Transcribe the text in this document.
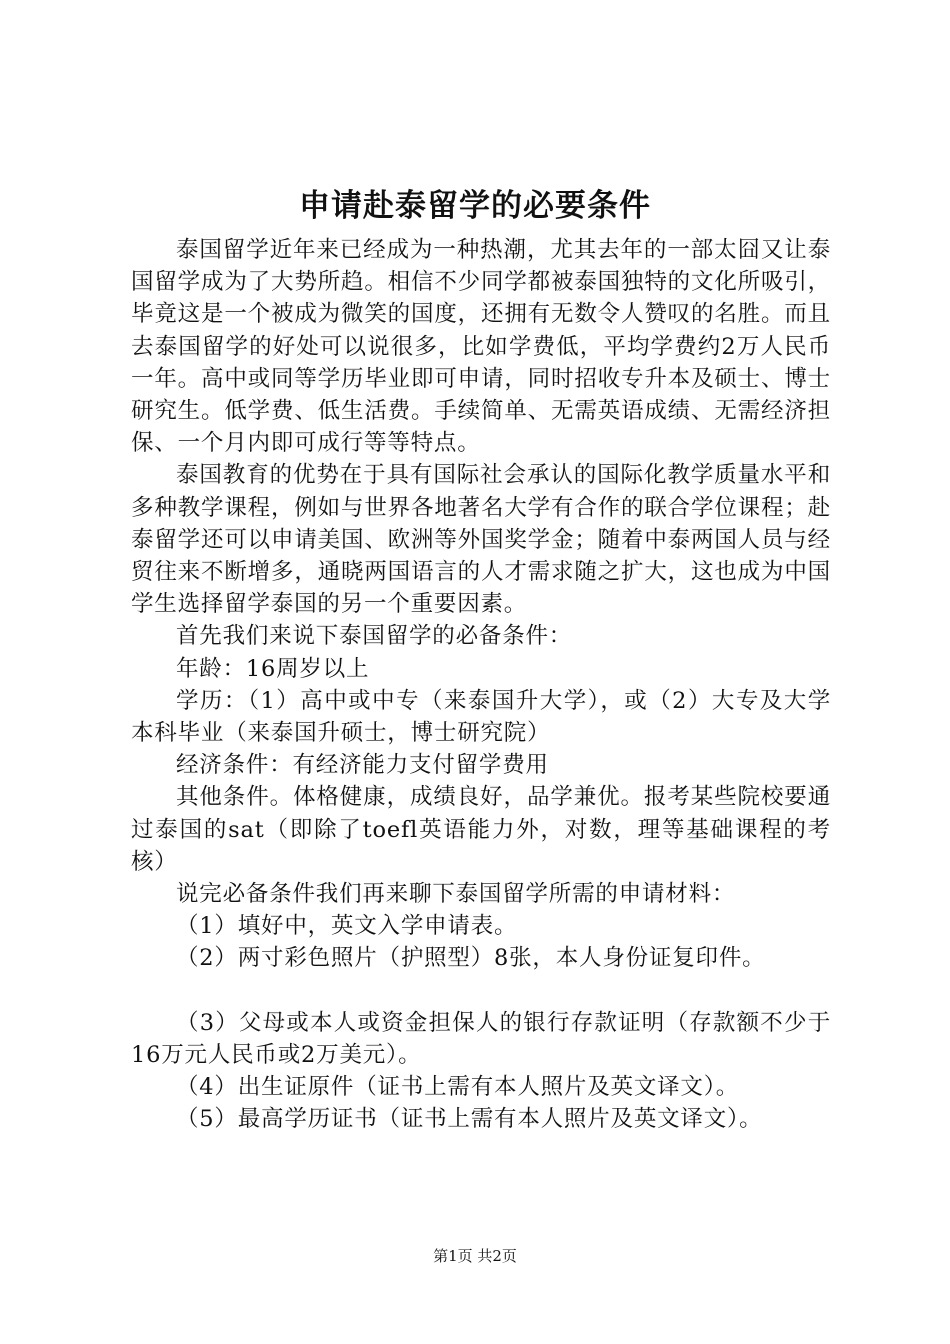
申请赴泰留学的必要条件

泰国留学近年来已经成为一种热潮，尤其去年的一部太囧又让泰国留学成为了大势所趋。相信不少同学都被泰国独特的文化所吸引，毕竟这是一个被成为微笑的国度，还拥有无数令人赞叹的名胜。而且去泰国留学的好处可以说很多，比如学费低，平均学费约2万人民币一年。高中或同等学历毕业即可申请，同时招收专升本及硕士、博士研究生。低学费、低生活费。手续简单、无需英语成绩、无需经济担保、一个月内即可成行等等特点。

泰国教育的优势在于具有国际社会承认的国际化教学质量水平和多种教学课程，例如与世界各地著名大学有合作的联合学位课程；赴泰留学还可以申请美国、欧洲等外国奖学金；随着中泰两国人员与经贸往来不断增多，通晓两国语言的人才需求随之扩大，这也成为中国学生选择留学泰国的另一个重要因素。

首先我们来说下泰国留学的必备条件：

年龄：16周岁以上

学历：（1）高中或中专（来泰国升大学），或（2）大专及大学本科毕业（来泰国升硕士，博士研究院）

经济条件：有经济能力支付留学费用

其他条件。体格健康，成绩良好，品学兼优。报考某些院校要通过泰国的sat（即除了toefl英语能力外，对数，理等基础课程的考核）

说完必备条件我们再来聊下泰国留学所需的申请材料：

（1）填好中，英文入学申请表。

（2）两寸彩色照片（护照型）8张，本人身份证复印件。

（3）父母或本人或资金担保人的银行存款证明（存款额不少于16万元人民币或2万美元）。

（4）出生证原件（证书上需有本人照片及英文译文）。

（5）最高学历证书（证书上需有本人照片及英文译文）。

第1页 共2页
